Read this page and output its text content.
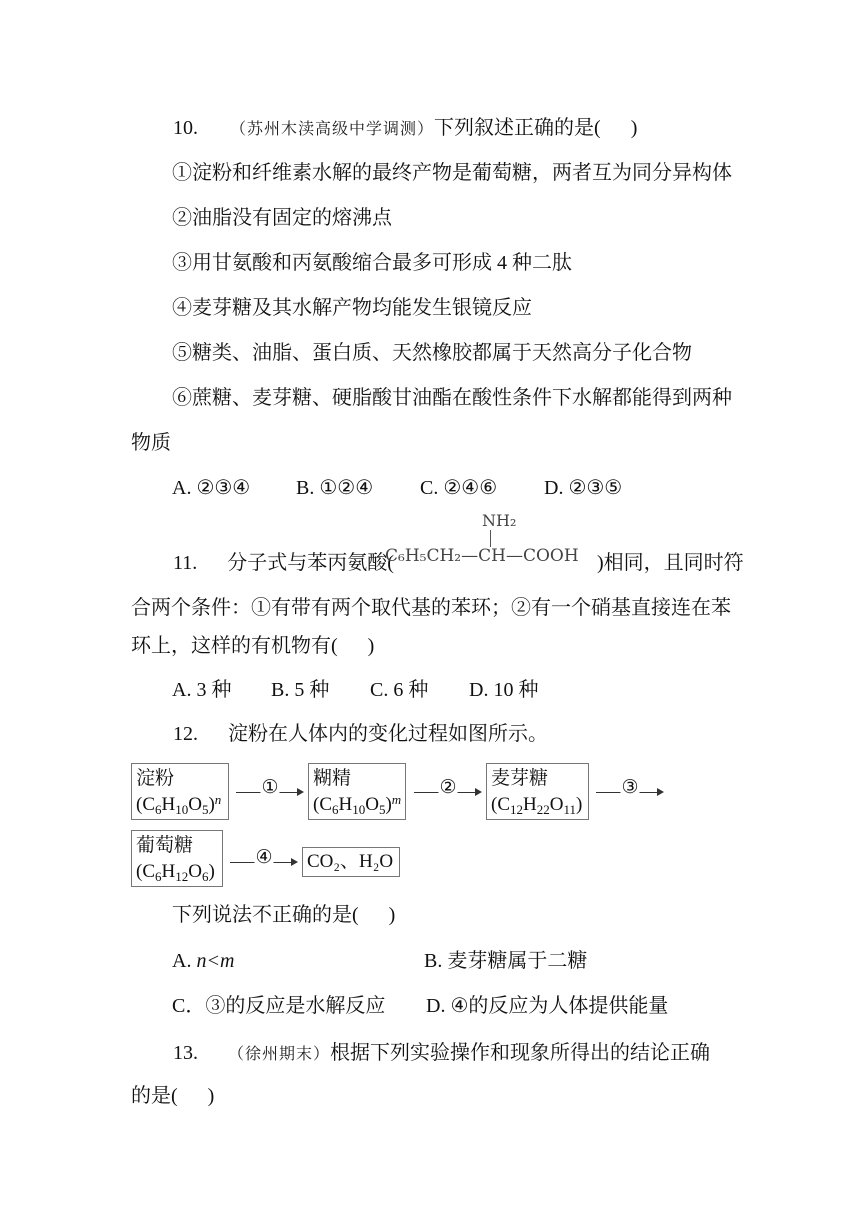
10. （苏州木渎高级中学调测）下列叙述正确的是( )
①淀粉和纤维素水解的最终产物是葡萄糖，两者互为同分异构体
②油脂没有固定的熔沸点
③用甘氨酸和丙氨酸缩合最多可形成 4 种二肽
④麦芽糖及其水解产物均能发生银镜反应
⑤糖类、油脂、蛋白质、天然橡胶都属于天然高分子化合物
⑥蔗糖、麦芽糖、硬脂酸甘油酯在酸性条件下水解都能得到两种
物质
A. ②③④ B. ①②④ C. ②④⑥ D. ②③⑤
11. 分子式与苯丙氨酸(	)相同，且同时符
C₆H₅CH₂—CH—COOH
NH₂
合两个条件：①有带有两个取代基的苯环；②有一个硝基直接连在苯
环上，这样的有机物有( )
A. 3 种 B. 5 种 C. 6 种 D. 10 种
12. 淀粉在人体内的变化过程如图所示。
淀粉
$(C_6H_{10}O_5)^n$
① 糊精
$(C_6H_{10}O_5)^m$
② 麦芽糖
$(C_{12}H_{22}O_{11})$
③
葡萄糖
$(C_6H_{12}O_6)$
④ CO₂、H₂O
下列说法不正确的是( )
A. n<m	B. 麦芽糖属于二糖
C．③的反应是水解反应 D. ④的反应为人体提供能量
13. （徐州期末）根据下列实验操作和现象所得出的结论正确
的是( )
